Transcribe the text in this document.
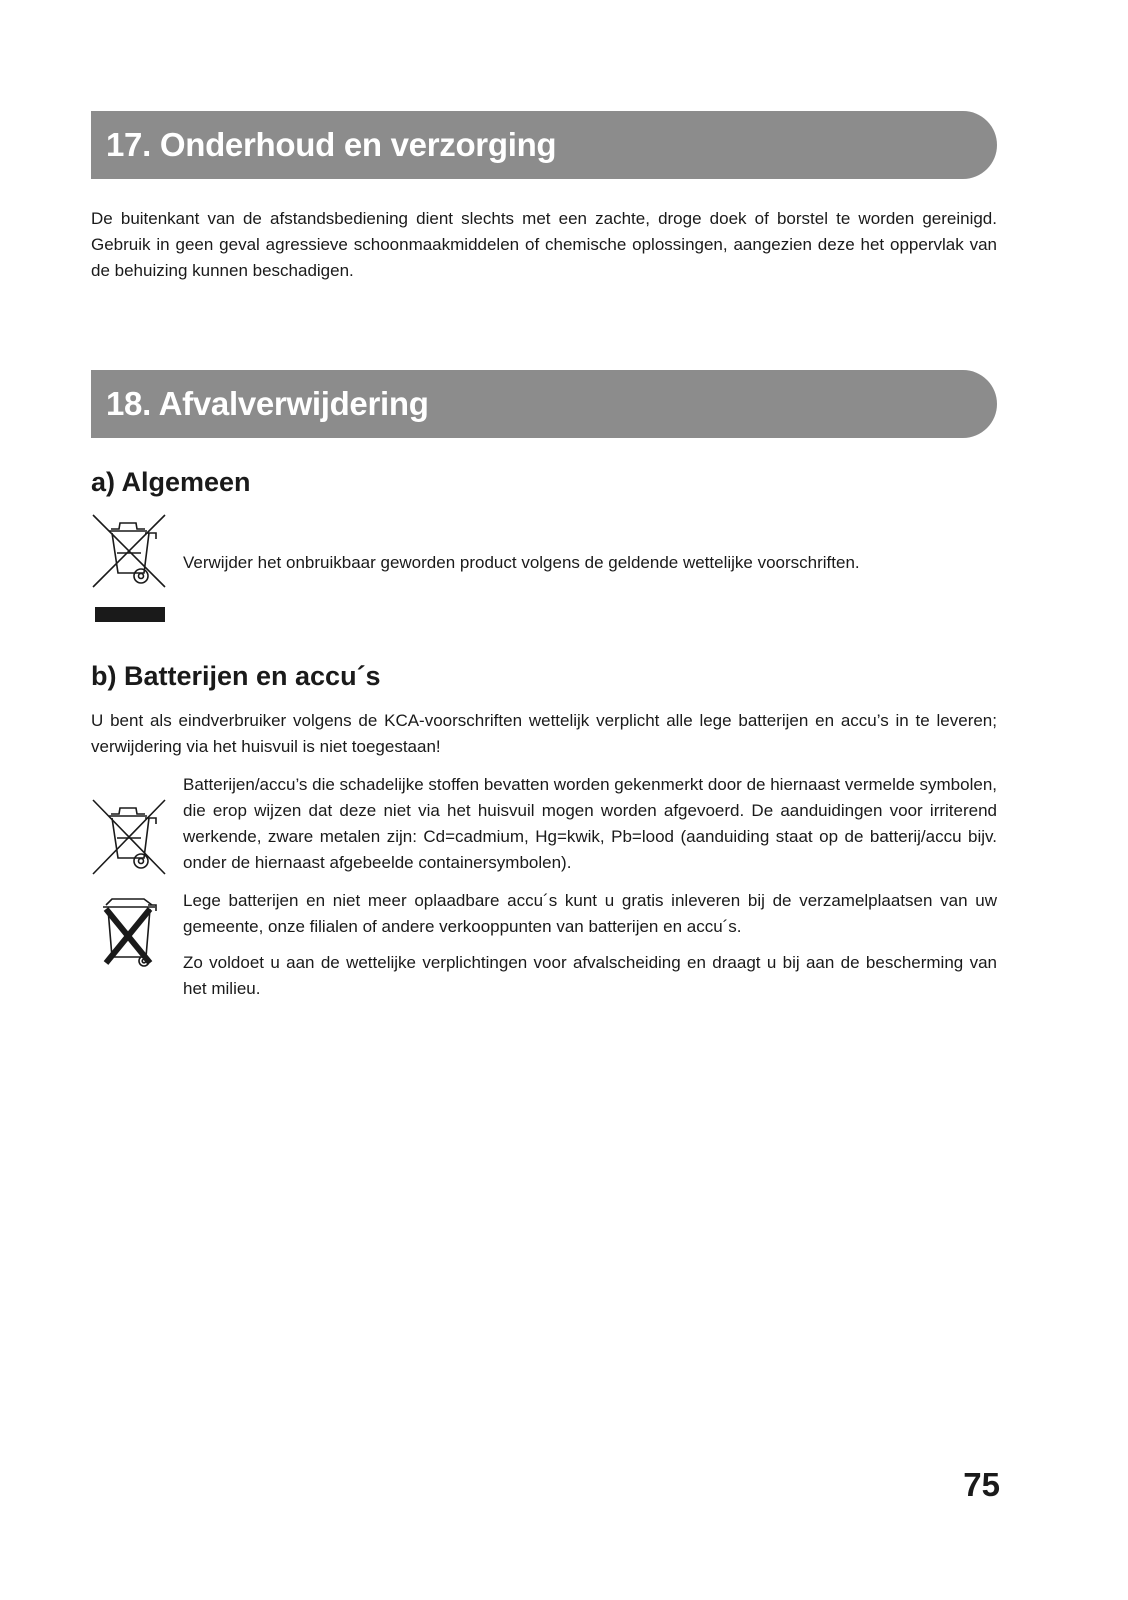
17. Onderhoud en verzorging

De buitenkant van de afstandsbediening dient slechts met een zachte, droge doek of borstel te worden gereinigd. Gebruik in geen geval agressieve schoonmaakmiddelen of chemische oplossingen, aangezien deze het oppervlak van de behuizing kunnen beschadigen.

18. Afvalverwijdering
a) Algemeen

Verwijder het onbruikbaar geworden product volgens de geldende wettelijke voorschriften.

b) Batterijen en accu´s

U bent als eindverbruiker volgens de KCA-voorschriften wettelijk verplicht alle lege batterijen en accu’s in te leveren; verwijdering via het huisvuil is niet toegestaan!

Batterijen/accu’s die schadelijke stoffen bevatten worden gekenmerkt door de hiernaast vermelde symbolen, die erop wijzen dat deze niet via het huisvuil mogen worden afgevoerd. De aanduidingen voor irriterend werkende, zware metalen zijn: Cd=cadmium, Hg=kwik, Pb=lood (aanduiding staat op de batterij/accu bijv. onder de hiernaast afgebeelde containersymbolen).

Lege batterijen en niet meer oplaadbare accu´s kunt u gratis inleveren bij de verzamelplaatsen van uw gemeente, onze filialen of andere verkooppunten van batterijen en accu´s.

Zo voldoet u aan de wettelijke verplichtingen voor afvalscheiding en draagt u bij aan de bescherming van het milieu.

75
